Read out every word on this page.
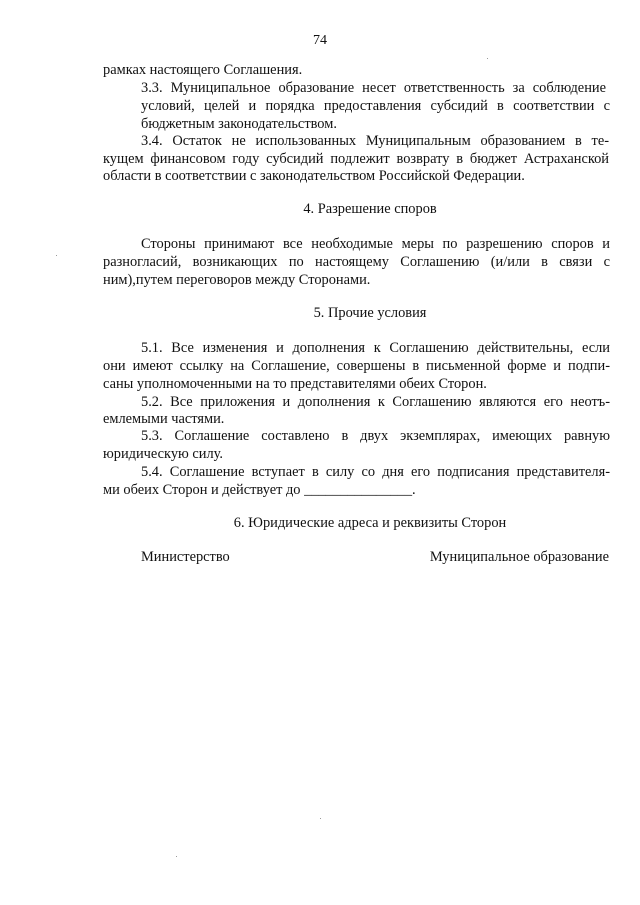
74
рамках настоящего Соглашения.
3.3. Муниципальное образование несет ответственность за соблюдение
условий, целей и порядка предоставления субсидий в соответствии с
бюджетным законодательством.
3.4. Остаток не использованных Муниципальным образованием в те-
кущем финансовом году субсидий подлежит возврату в бюджет Астраханской
области в соответствии с законодательством Российской Федерации.
4. Разрешение споров
Стороны принимают все необходимые меры по разрешению споров и
разногласий, возникающих по настоящему Соглашению (и/или в связи с
ним),путем переговоров между Сторонами.
5. Прочие условия
5.1. Все изменения и дополнения к Соглашению действительны, если
они имеют ссылку на Соглашение, совершены в письменной форме и подпи-
саны уполномоченными на то представителями обеих Сторон.
5.2. Все приложения и дополнения к Соглашению являются его неотъ-
емлемыми частями.
5.3. Соглашение составлено в двух экземплярах, имеющих равную
юридическую силу.
5.4. Соглашение вступает в силу со дня его подписания представителя-
ми обеих Сторон и действует до _______________.
6. Юридические адреса и реквизиты Сторон
Министерство	Муниципальное образование
